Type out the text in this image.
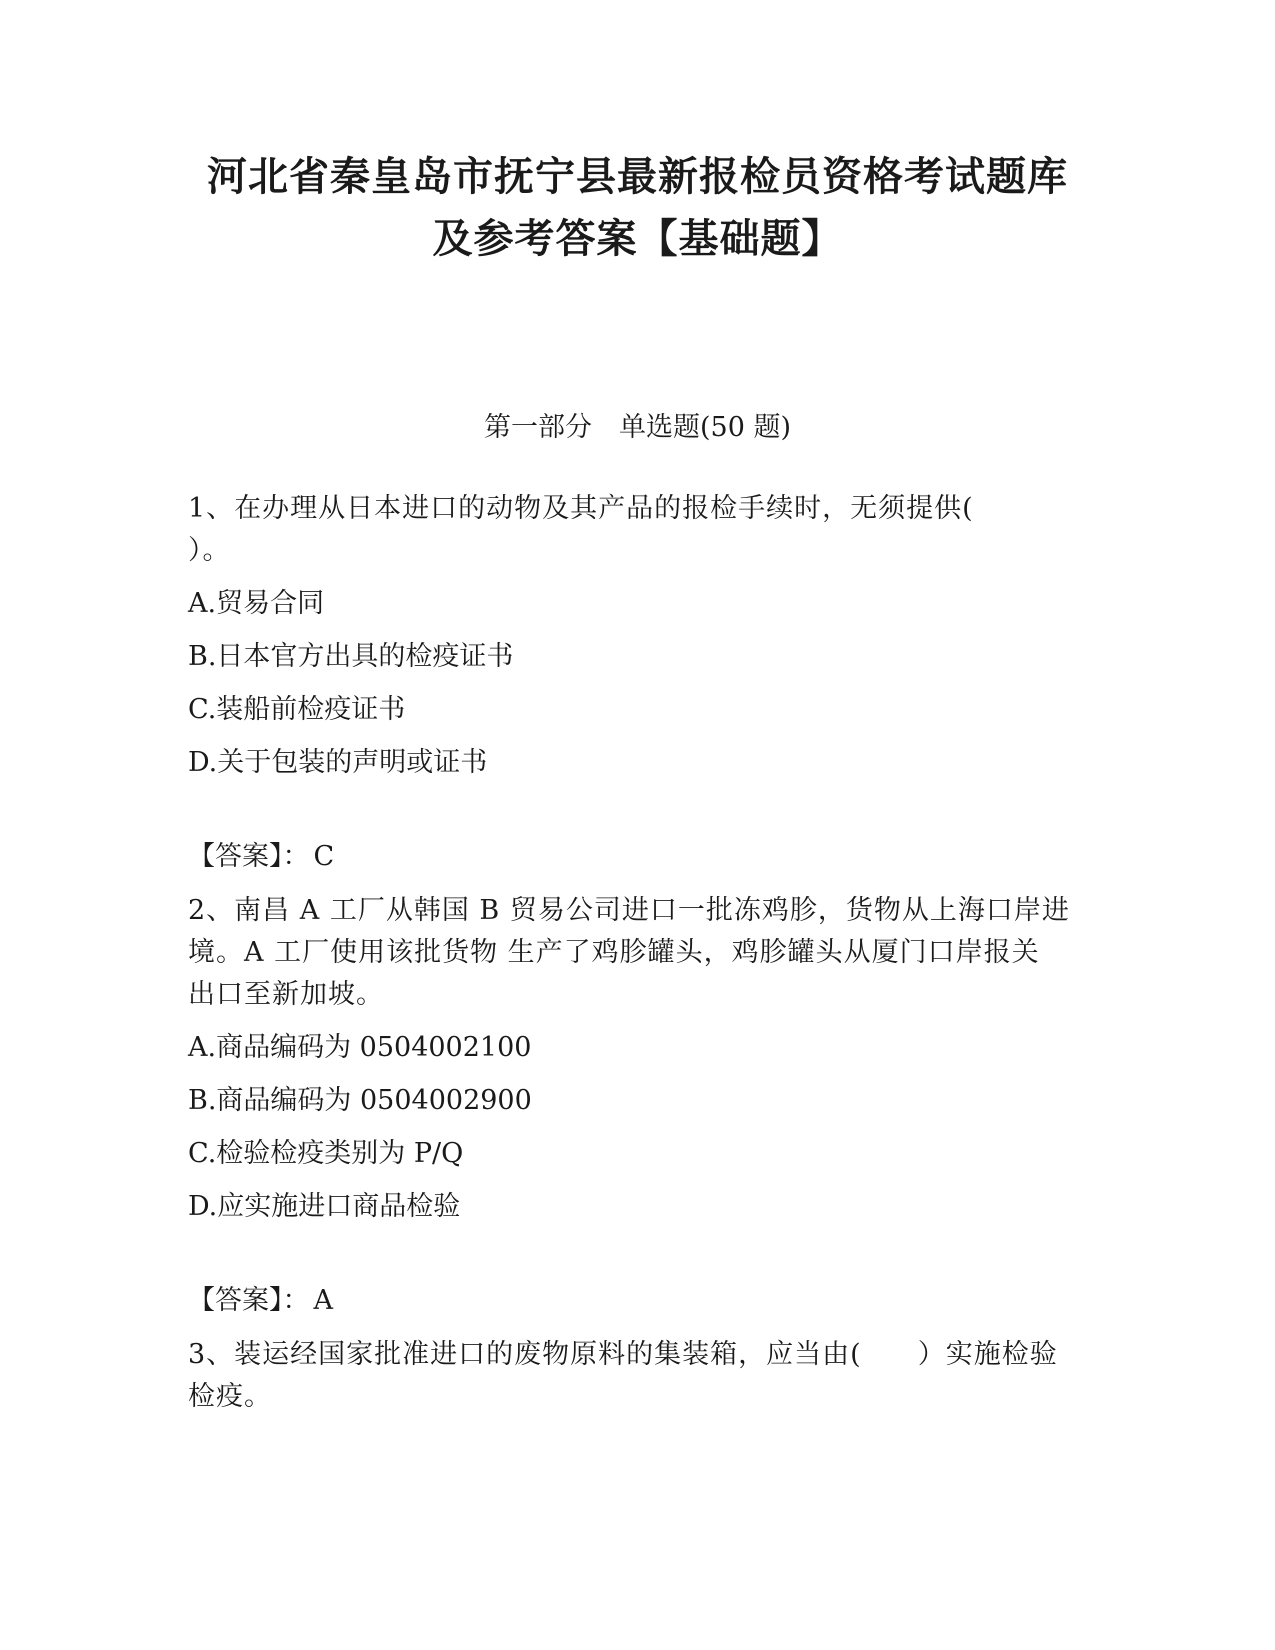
河北省秦皇岛市抚宁县最新报检员资格考试题库
及参考答案【基础题】
第一部分　单选题(50 题)
1、在办理从日本进口的动物及其产品的报检手续时，无须提供(
）。
A.贸易合同
B.日本官方出具的检疫证书
C.装船前检疫证书
D.关于包装的声明或证书
【答案】： C
2、南昌 A 工厂从韩国 B 贸易公司进口一批冻鸡胗，货物从上海口岸进
境。A 工厂使用该批货物 生产了鸡胗罐头，鸡胗罐头从厦门口岸报关
出口至新加坡。
A.商品编码为 0504002100
B.商品编码为 0504002900
C.检验检疫类别为 P/Q
D.应实施进口商品检验
【答案】： A
3、装运经国家批准进口的废物原料的集装箱，应当由(　　）实施检验
检疫。
